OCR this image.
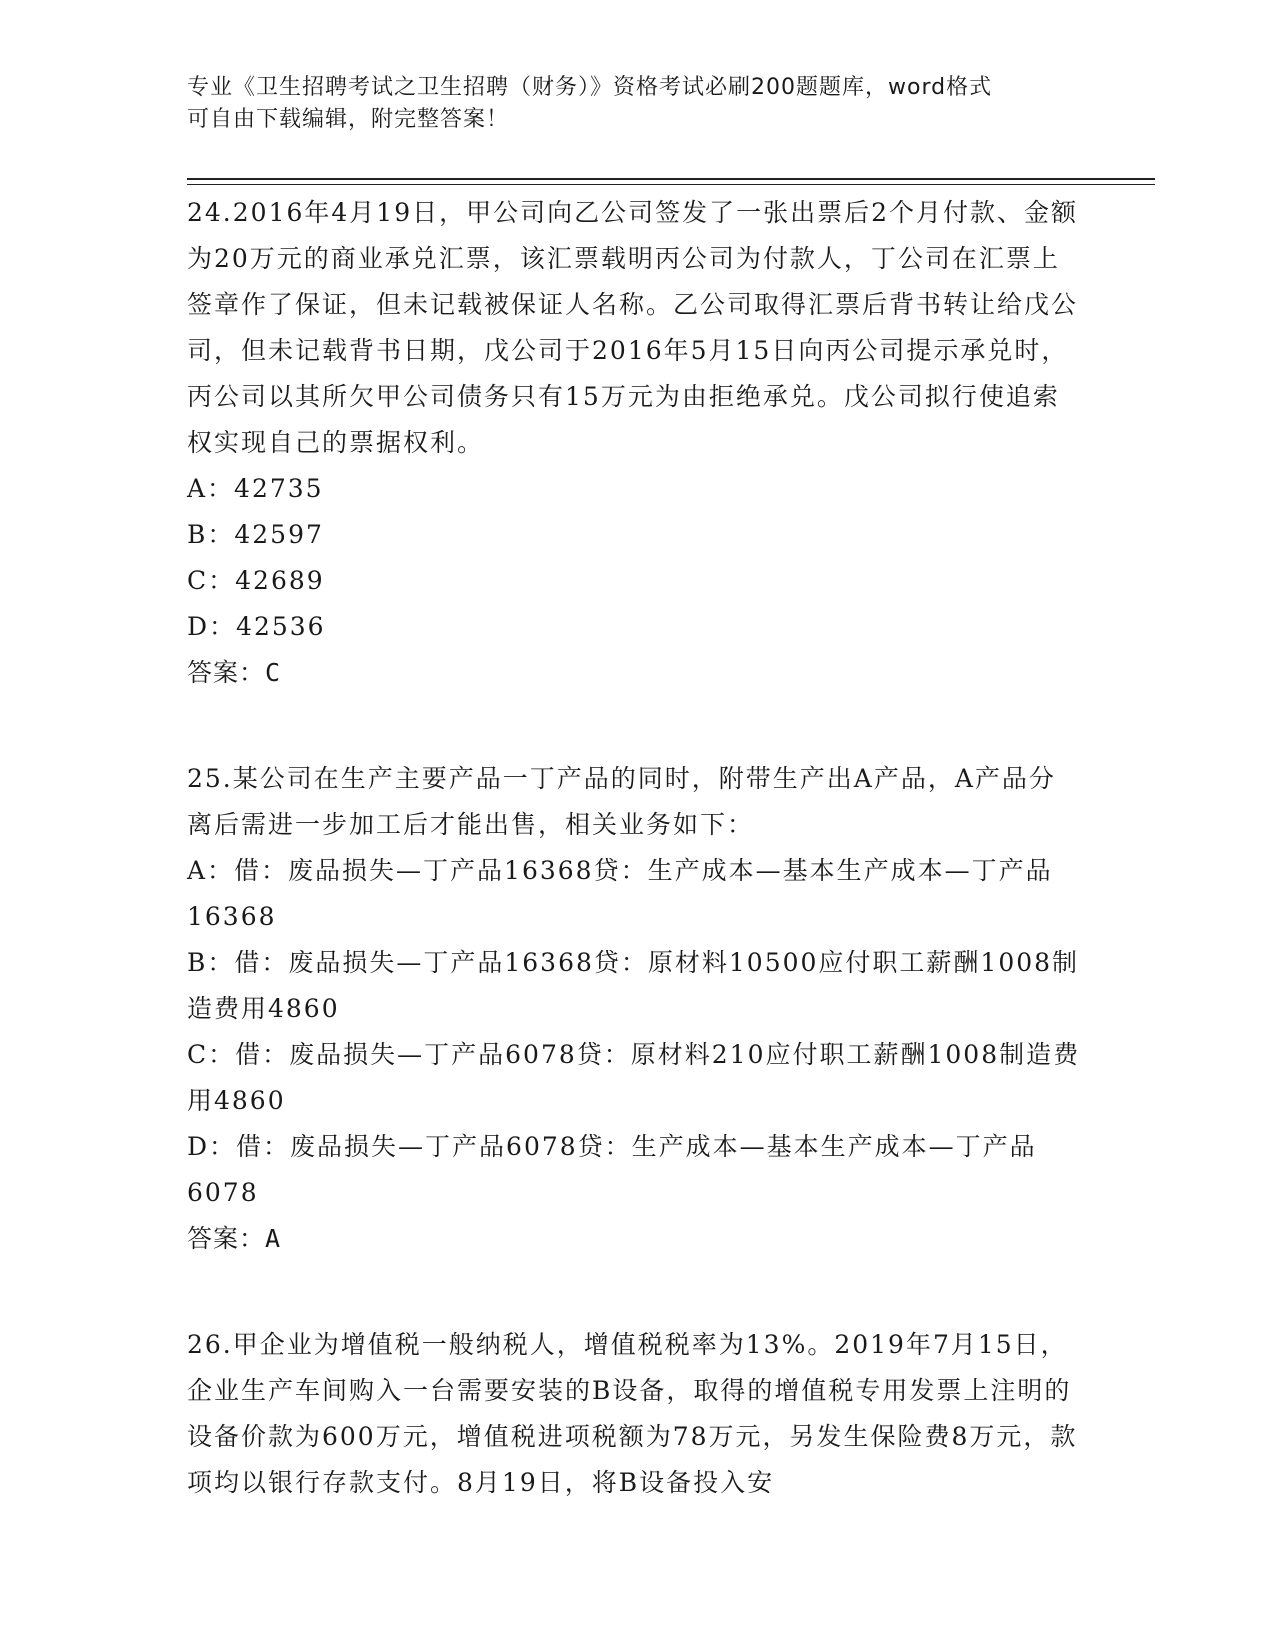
专业《卫生招聘考试之卫生招聘（财务）》资格考试必刷200题题库，word格式
可自由下载编辑，附完整答案！
24.2016年4月19日，甲公司向乙公司签发了一张出票后2个月付款、金额为20万元的商业承兑汇票，该汇票载明丙公司为付款人，丁公司在汇票上签章作了保证，但未记载被保证人名称。乙公司取得汇票后背书转让给戊公司，但未记载背书日期，戊公司于2016年5月15日向丙公司提示承兑时，丙公司以其所欠甲公司债务只有15万元为由拒绝承兑。戊公司拟行使追索权实现自己的票据权利。
A：42735
B：42597
C：42689
D：42536
答案：C
25.某公司在生产主要产品一丁产品的同时，附带生产出A产品，A产品分离后需进一步加工后才能出售，相关业务如下：
A：借：废品损失—丁产品16368贷：生产成本—基本生产成本—丁产品16368
B：借：废品损失—丁产品16368贷：原材料10500应付职工薪酬1008制造费用4860
C：借：废品损失—丁产品6078贷：原材料210应付职工薪酬1008制造费用4860
D：借：废品损失—丁产品6078贷：生产成本—基本生产成本—丁产品6078
答案：A
26.甲企业为增值税一般纳税人，增值税税率为13%。2019年7月15日，企业生产车间购入一台需要安装的B设备，取得的增值税专用发票上注明的设备价款为600万元，增值税进项税额为78万元，另发生保险费8万元，款项均以银行存款支付。8月19日，将B设备投入安
